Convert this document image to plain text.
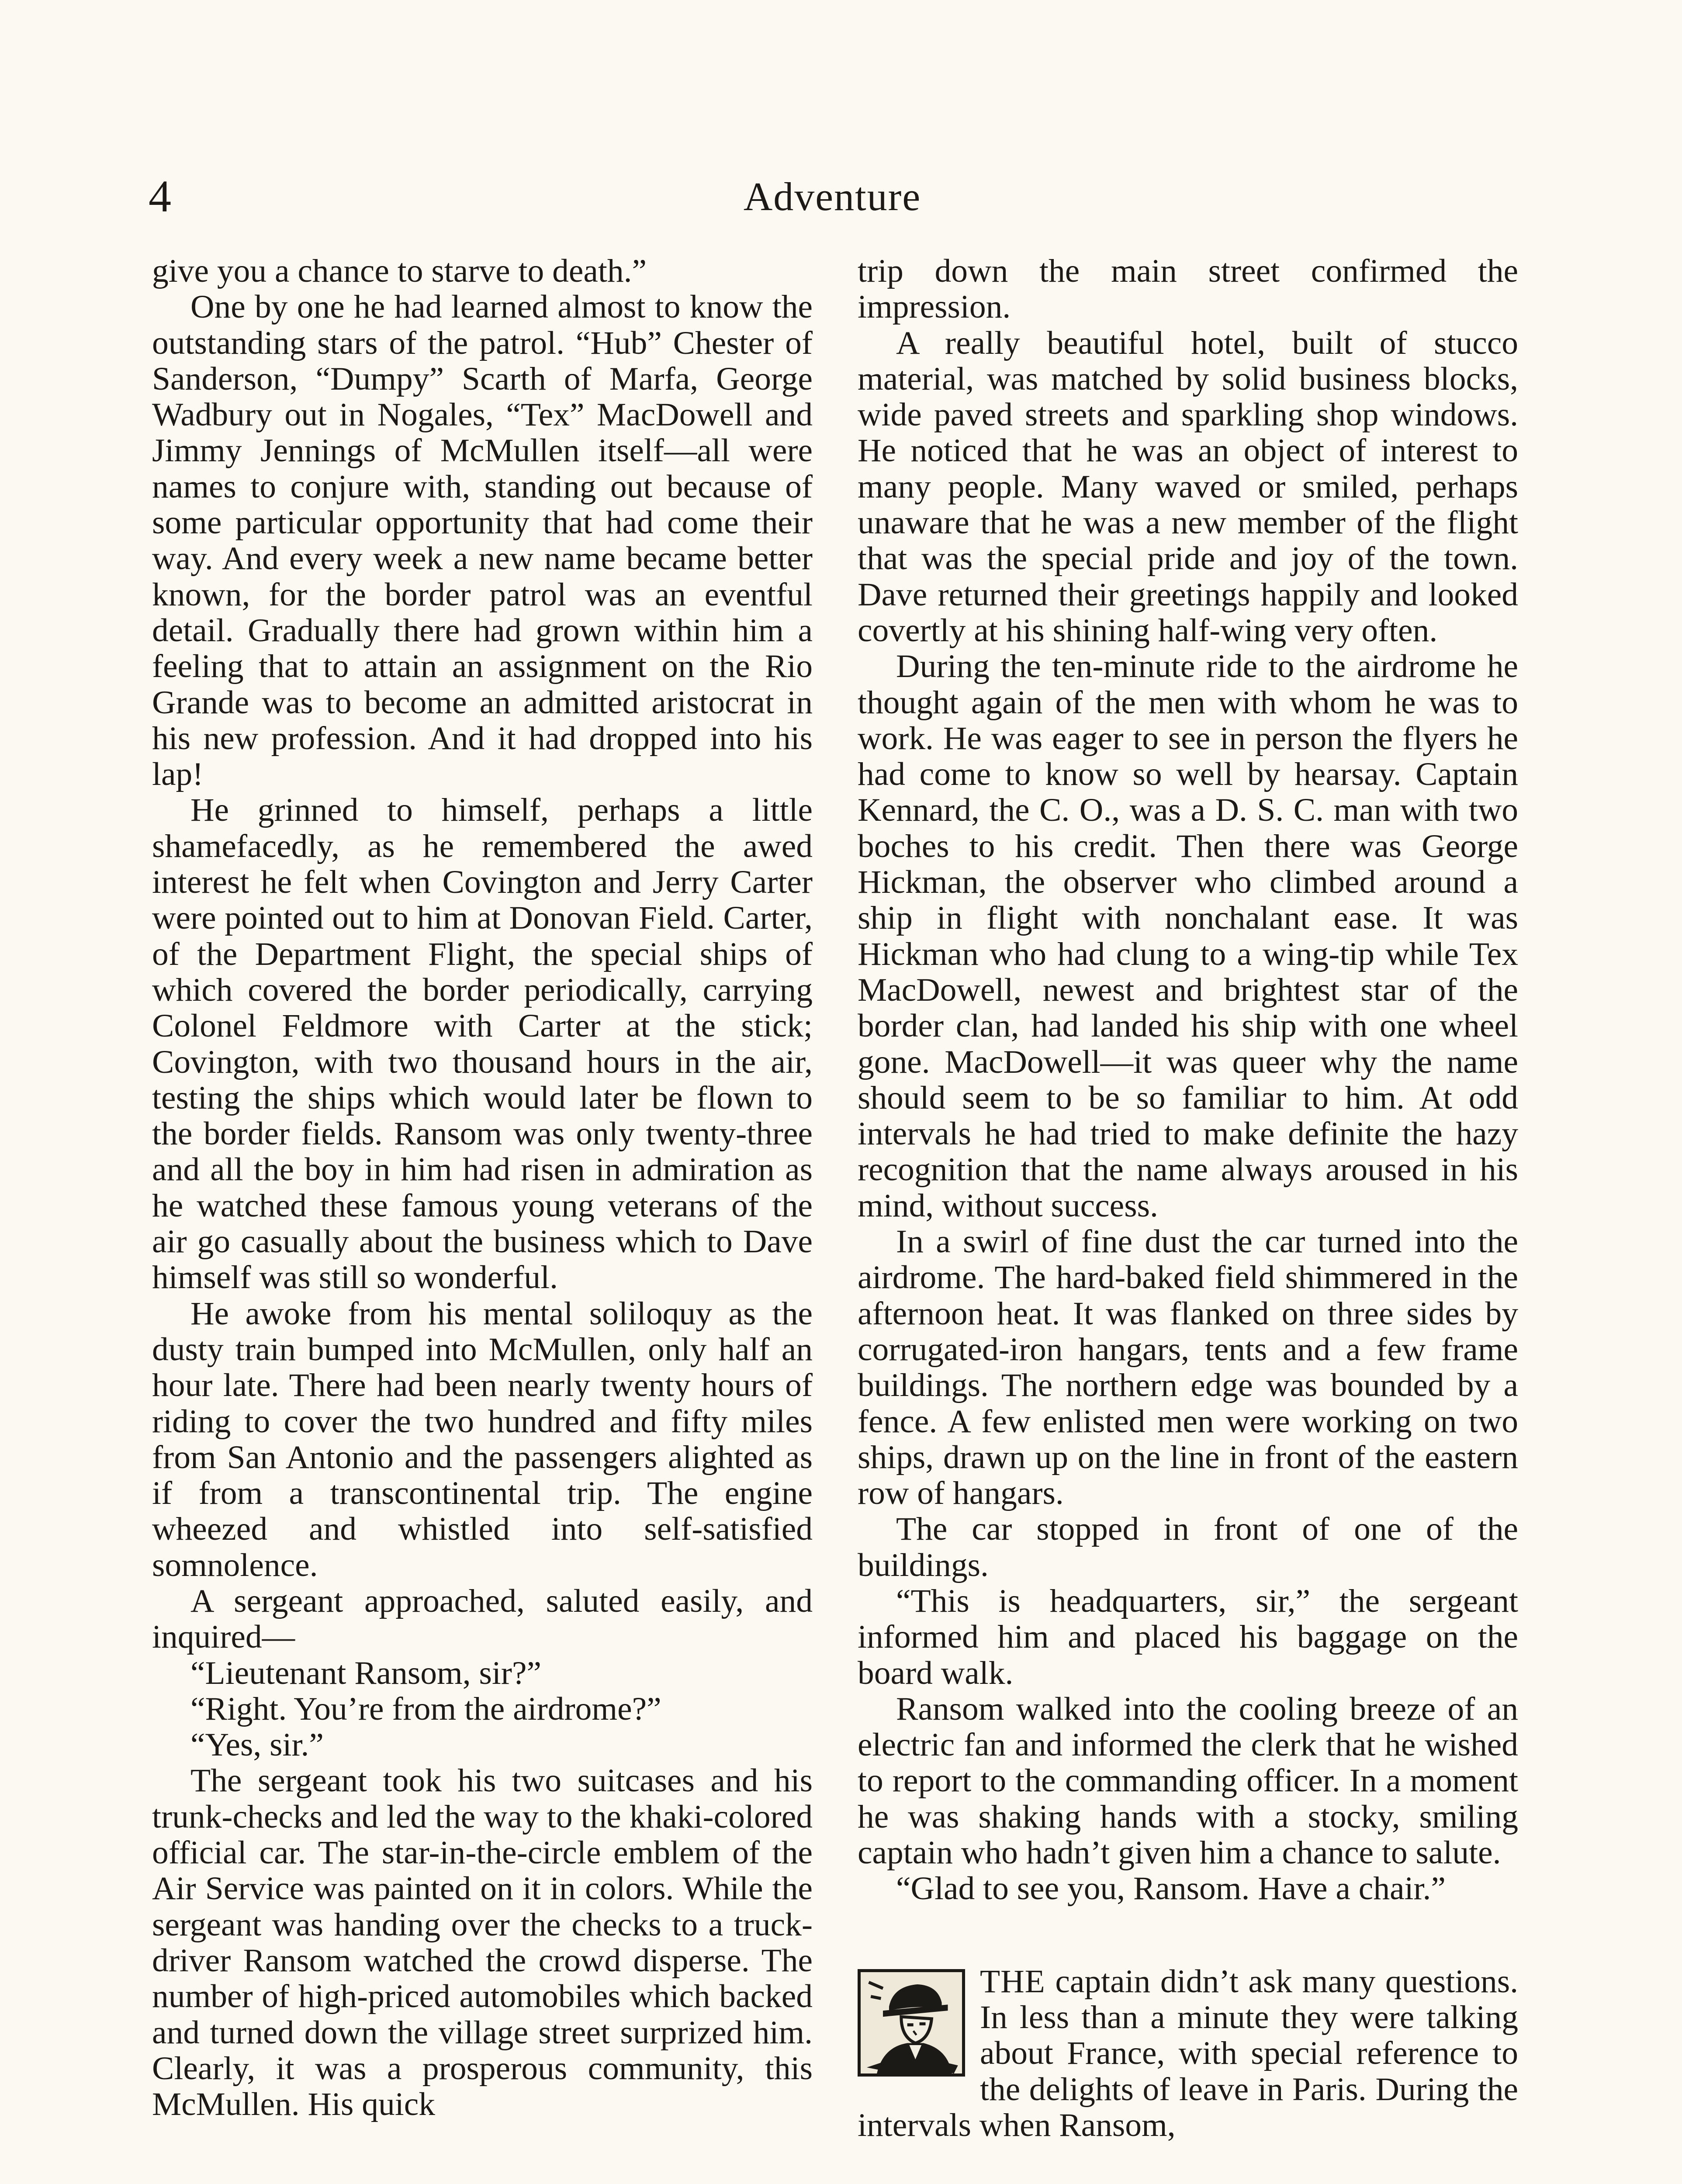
4	Adventure

give you a chance to starve to death.”

One by one he had learned almost to know the outstanding stars of the patrol. “Hub” Chester of Sanderson, “Dumpy” Scarth of Marfa, George Wadbury out in Nogales, “Tex” MacDowell and Jimmy Jennings of McMullen itself—all were names to conjure with, standing out because of some particular opportunity that had come their way. And every week a new name became better known, for the border patrol was an eventful detail. Gradually there had grown within him a feeling that to attain an assignment on the Rio Grande was to become an admitted aristocrat in his new profession. And it had dropped into his lap!

He grinned to himself, perhaps a little shamefacedly, as he remembered the awed interest he felt when Covington and Jerry Carter were pointed out to him at Donovan Field. Carter, of the Department Flight, the special ships of which covered the border periodically, carrying Colonel Feldmore with Carter at the stick; Covington, with two thousand hours in the air, testing the ships which would later be flown to the border fields. Ransom was only twenty-three and all the boy in him had risen in admiration as he watched these famous young veterans of the air go casually about the business which to Dave himself was still so wonderful.

He awoke from his mental soliloquy as the dusty train bumped into McMullen, only half an hour late. There had been nearly twenty hours of riding to cover the two hundred and fifty miles from San Antonio and the passengers alighted as if from a transcontinental trip. The engine wheezed and whistled into self-satisfied somnolence.

A sergeant approached, saluted easily, and inquired—

“Lieutenant Ransom, sir?”

“Right. You’re from the airdrome?”

“Yes, sir.”

The sergeant took his two suitcases and his trunk-checks and led the way to the khaki-colored official car. The star-in-the-circle emblem of the Air Service was painted on it in colors. While the sergeant was handing over the checks to a truck-driver Ransom watched the crowd disperse. The number of high-priced automobiles which backed and turned down the village street surprized him. Clearly, it was a prosperous community, this McMullen. His quick

trip down the main street confirmed the impression.

A really beautiful hotel, built of stucco material, was matched by solid business blocks, wide paved streets and sparkling shop windows. He noticed that he was an object of interest to many people. Many waved or smiled, perhaps unaware that he was a new member of the flight that was the special pride and joy of the town. Dave returned their greetings happily and looked covertly at his shining half-wing very often.

During the ten-minute ride to the airdrome he thought again of the men with whom he was to work. He was eager to see in person the flyers he had come to know so well by hearsay. Captain Kennard, the C. O., was a D. S. C. man with two boches to his credit. Then there was George Hickman, the observer who climbed around a ship in flight with nonchalant ease. It was Hickman who had clung to a wing-tip while Tex MacDowell, newest and brightest star of the border clan, had landed his ship with one wheel gone. MacDowell—it was queer why the name should seem to be so familiar to him. At odd intervals he had tried to make definite the hazy recognition that the name always aroused in his mind, without success.

In a swirl of fine dust the car turned into the airdrome. The hard-baked field shimmered in the afternoon heat. It was flanked on three sides by corrugated-iron hangars, tents and a few frame buildings. The northern edge was bounded by a fence. A few enlisted men were working on two ships, drawn up on the line in front of the eastern row of hangars.

The car stopped in front of one of the buildings.

“This is headquarters, sir,” the sergeant informed him and placed his baggage on the board walk.

Ransom walked into the cooling breeze of an electric fan and informed the clerk that he wished to report to the commanding officer. In a moment he was shaking hands with a stocky, smiling captain who hadn’t given him a chance to salute.

“Glad to see you, Ransom. Have a chair.”

THE captain didn’t ask many questions. In less than a minute they were talking about France, with special reference to the delights of leave in Paris. During the intervals when Ransom,
